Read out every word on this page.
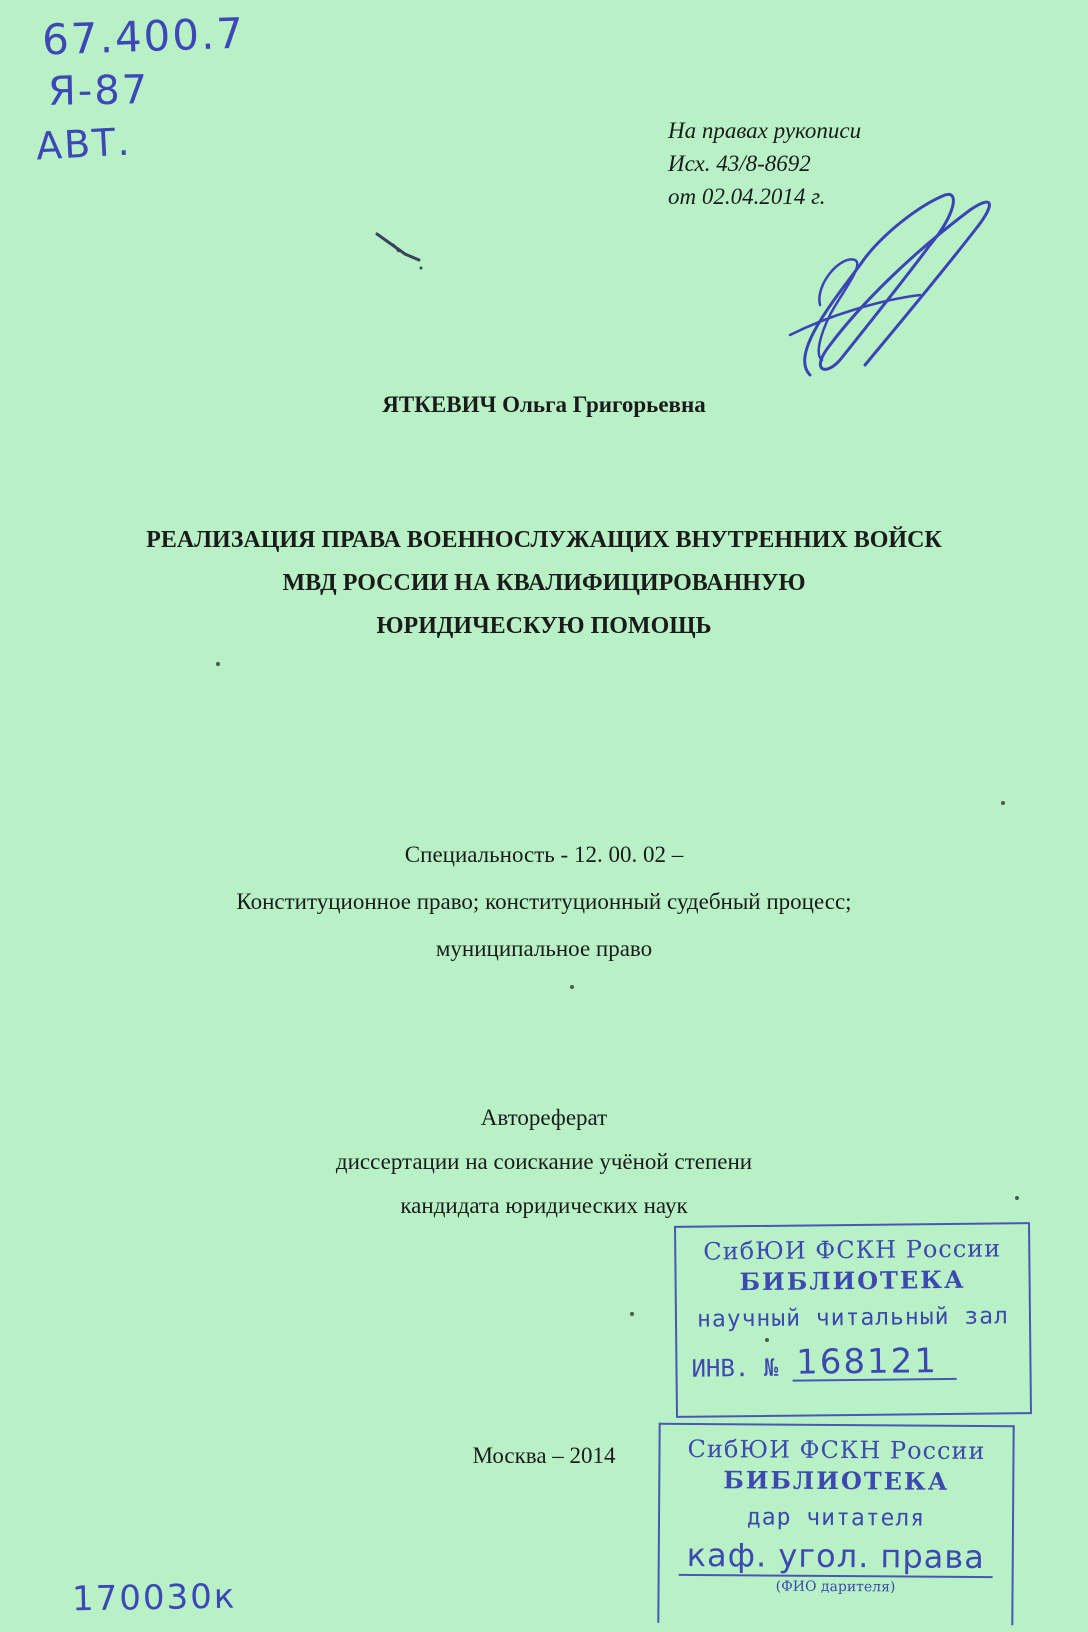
67.400.7
Я-87
АВТ.	На правах рукописи
Исх. 43/8-8692
от 02.04.2014 г.
ЯТКЕВИЧ Ольга Григорьевна
РЕАЛИЗАЦИЯ ПРАВА ВОЕННОСЛУЖАЩИХ ВНУТРЕННИХ ВОЙСК
МВД РОССИИ НА КВАЛИФИЦИРОВАННУЮ
ЮРИДИЧЕСКУЮ ПОМОЩЬ
Специальность - 12. 00. 02 –
Конституционное право; конституционный судебный процесс;
муниципальное право
Автореферат
диссертации на соискание учёной степени
кандидата юридических наук
СибЮИ ФСКН России
БИБЛИОТЕКА
научный читальный зал
ИНВ. № 168121
Москва – 2014	СибЮИ ФСКН России
БИБЛИОТЕКА
дар читателя
каф. угол. права
(ФИО дарителя)
170030к
